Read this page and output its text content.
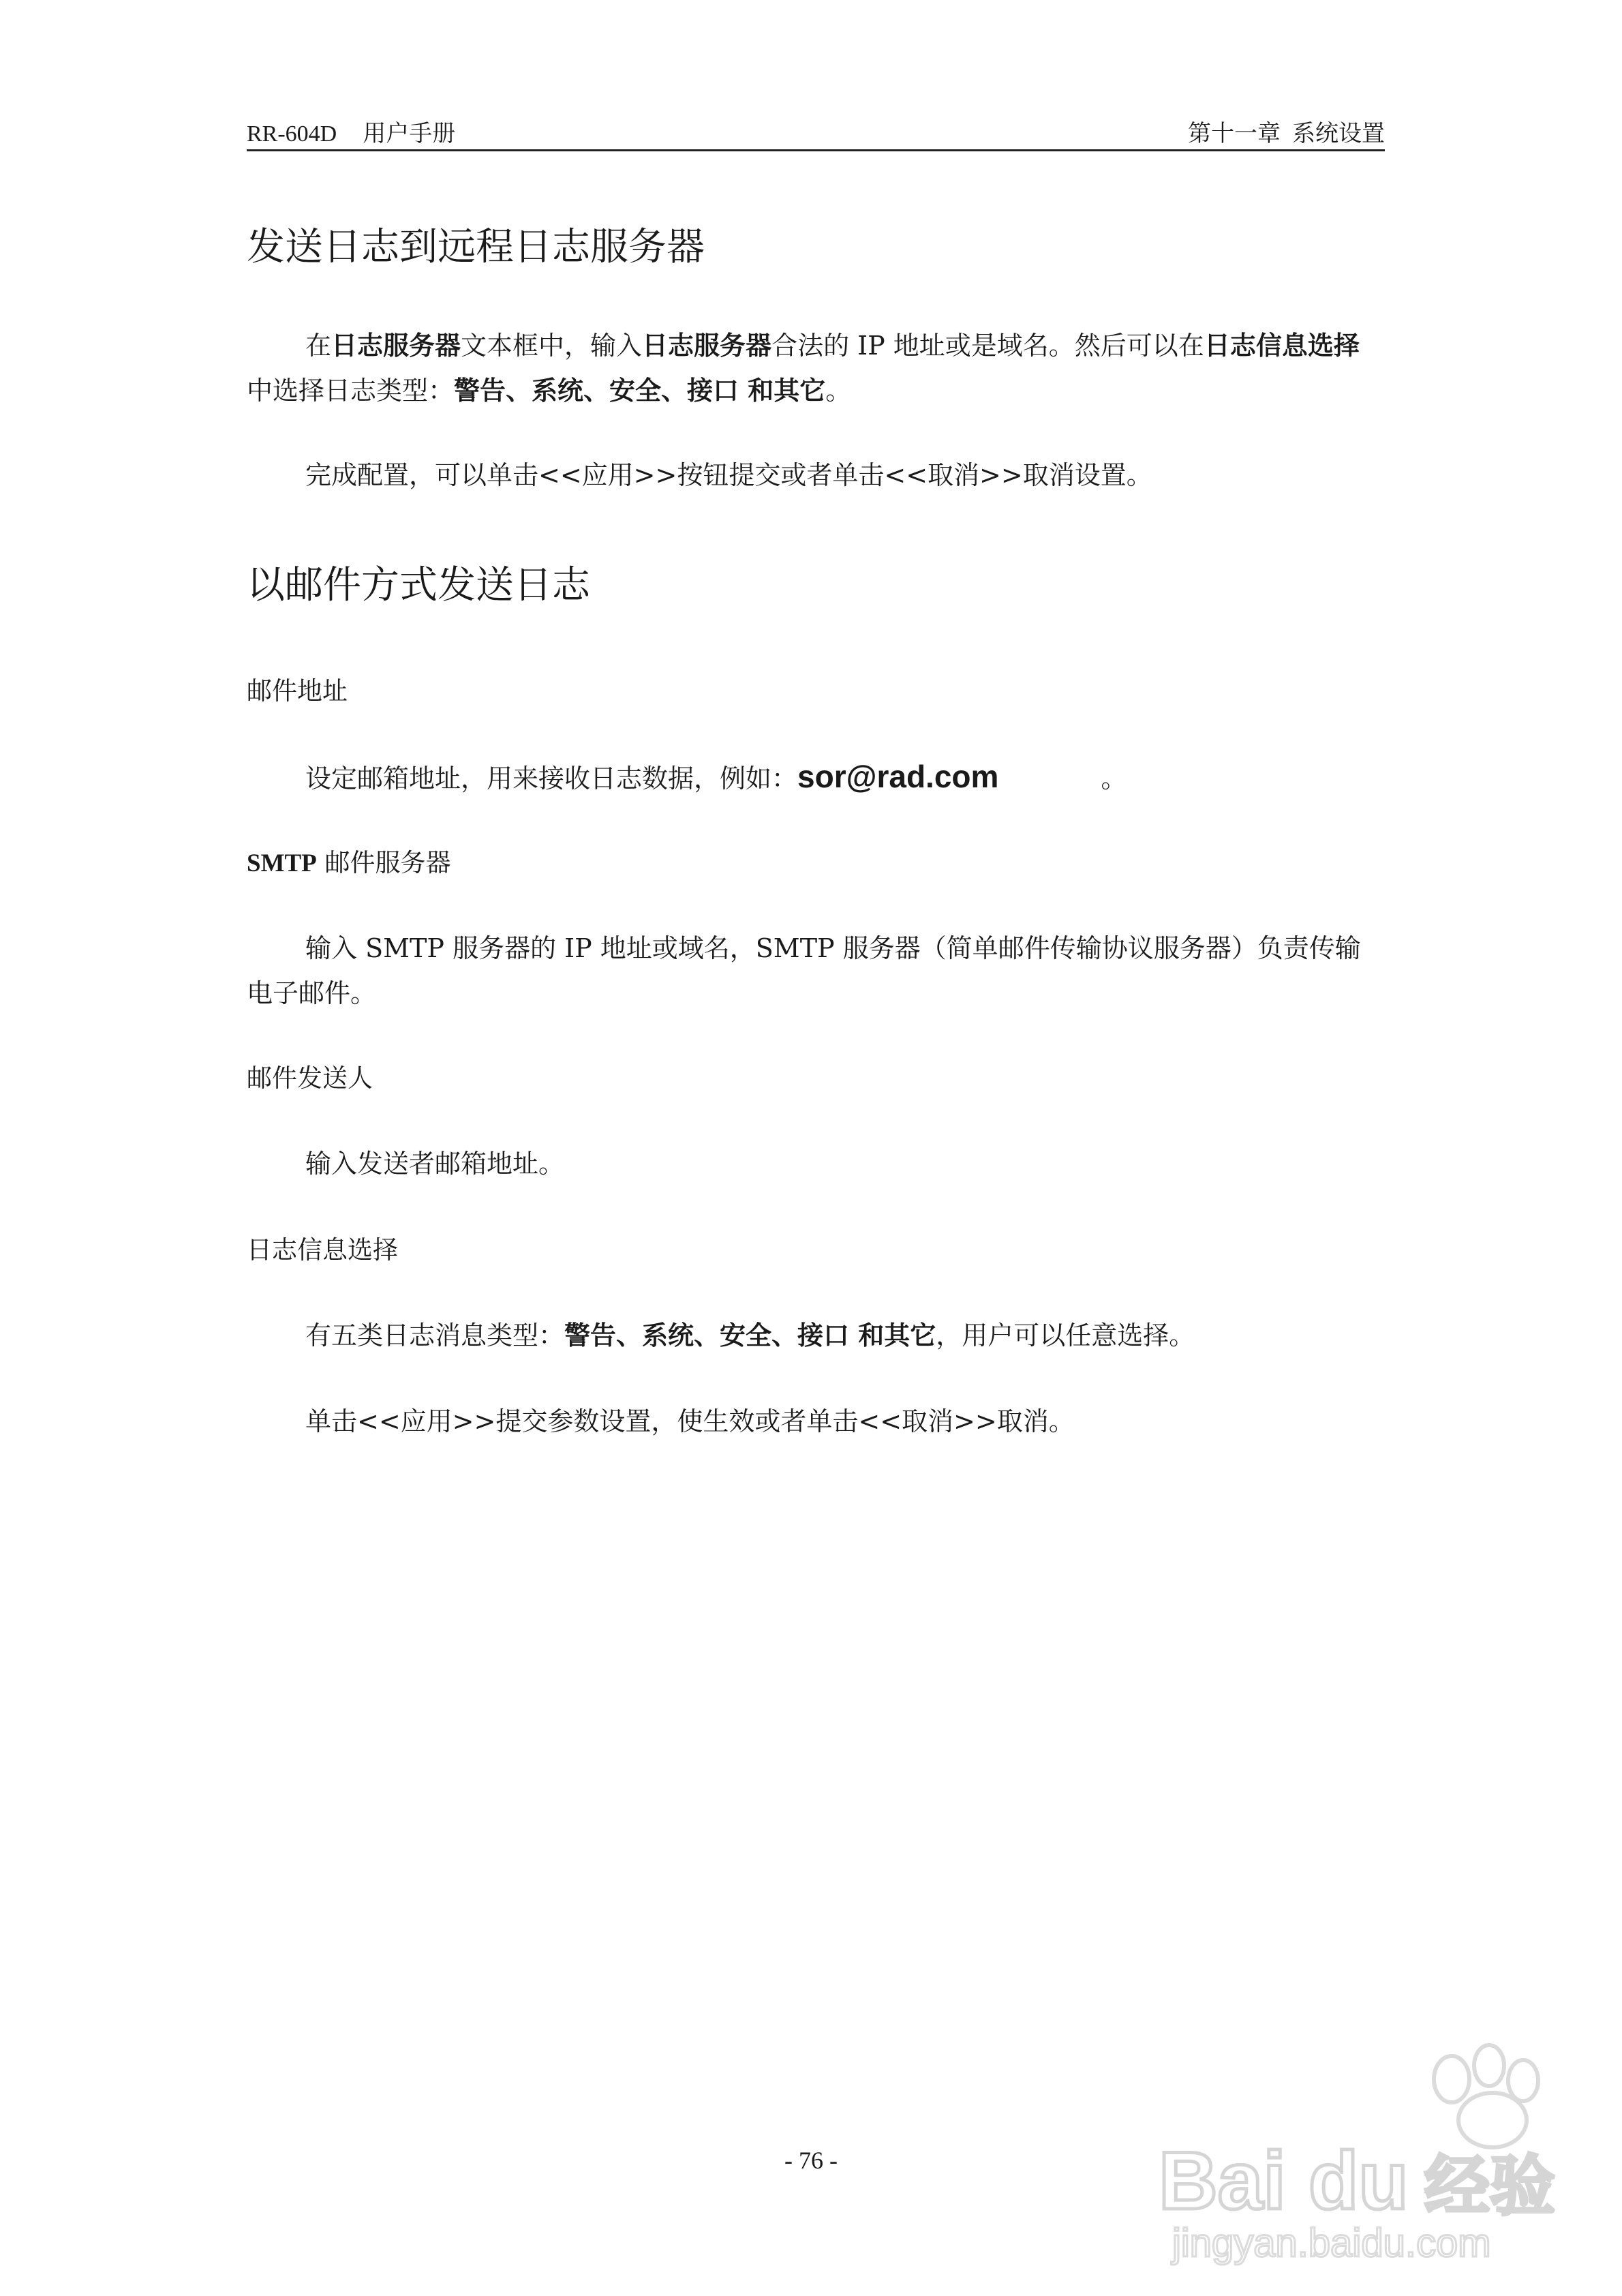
RR-604D 用户手册	第十一章 系统设置
发送日志到远程日志服务器

在日志服务器文本框中，输入日志服务器合法的 IP 地址或是域名。然后可以在日志信息选择中选择日志类型：警告、系统、安全、接口 和其它。

完成配置，可以单击<<应用>>按钮提交或者单击<<取消>>取消设置。

以邮件方式发送日志
邮件地址

设定邮箱地址，用来接收日志数据，例如：sor@rad.com	。

SMTP 邮件服务器

输入 SMTP 服务器的 IP 地址或域名，SMTP 服务器（简单邮件传输协议服务器）负责传输电子邮件。

邮件发送人

输入发送者邮箱地址。

日志信息选择

有五类日志消息类型：警告、系统、安全、接口 和其它，用户可以任意选择。

单击<<应用>>提交参数设置，使生效或者单击<<取消>>取消。

- 76 -	Bai du 经验
jingyan.baidu.com
